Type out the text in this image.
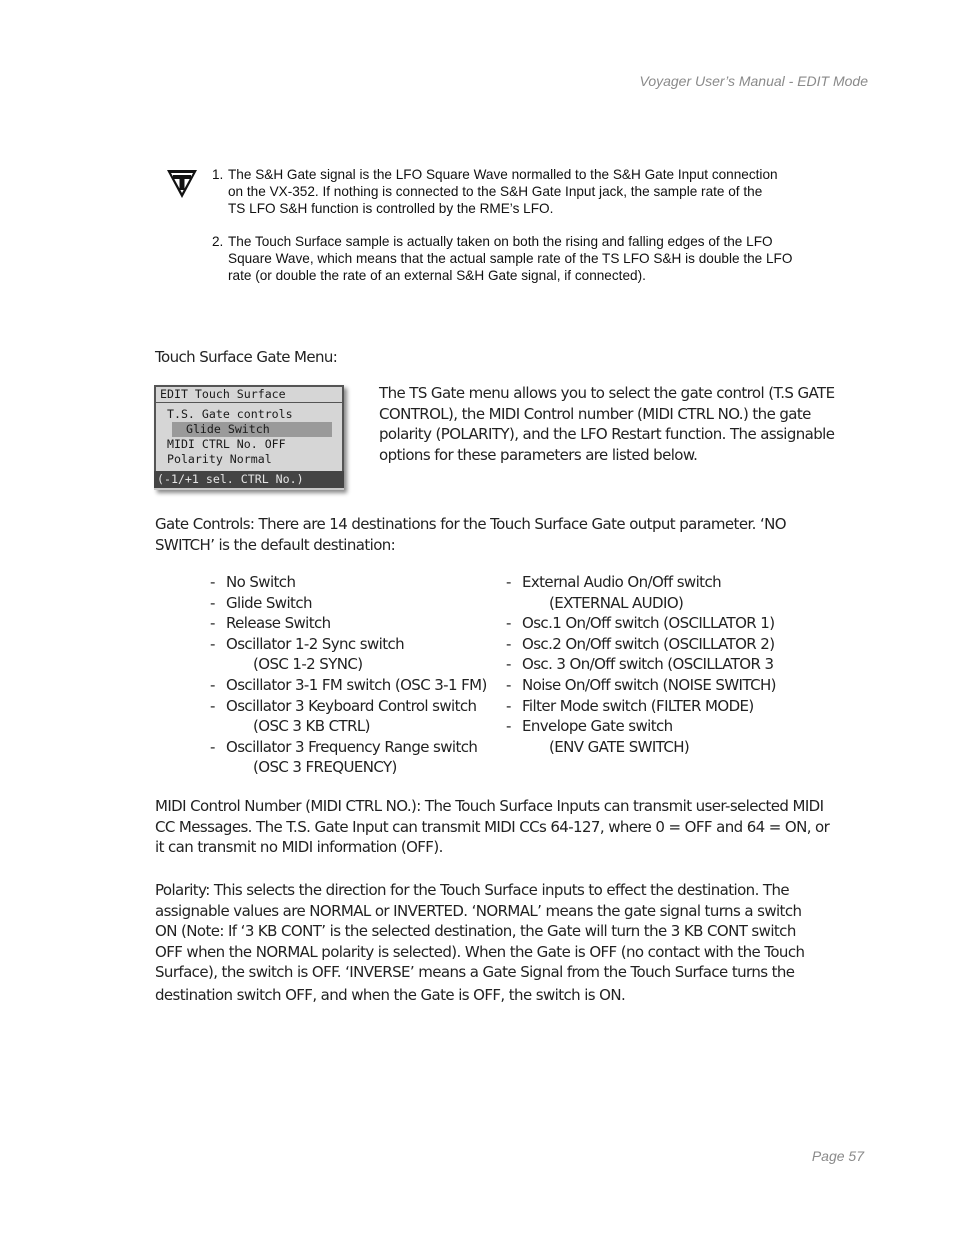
Voyager User’s Manual - EDIT Mode
1. The S&H Gate signal is the LFO Square Wave normalled to the S&H Gate Input connection
on the VX-352. If nothing is connected to the S&H Gate Input jack, the sample rate of the
TS LFO S&H function is controlled by the RME’s LFO.
2. The Touch Surface sample is actually taken on both the rising and falling edges of the LFO
Square Wave, which means that the actual sample rate of the TS LFO S&H is double the LFO
rate (or double the rate of an external S&H Gate signal, if connected).
Touch Surface Gate Menu:
EDIT Touch Surface
T.S. Gate controls
Glide Switch
MIDI CTRL No. OFF
Polarity Normal
(-1/+1 sel. CTRL No.)
The TS Gate menu allows you to select the gate control (T.S GATE
CONTROL), the MIDI Control number (MIDI CTRL NO.) the gate
polarity (POLARITY), and the LFO Restart function. The assignable
options for these parameters are listed below.
Gate Controls: There are 14 destinations for the Touch Surface Gate output parameter. ‘NO
SWITCH’ is the default destination:
- No Switch
- Glide Switch
- Release Switch
- Oscillator 1-2 Sync switch
(OSC 1-2 SYNC)
- Oscillator 3-1 FM switch (OSC 3-1 FM)
- Oscillator 3 Keyboard Control switch
(OSC 3 KB CTRL)
- Oscillator 3 Frequency Range switch
(OSC 3 FREQUENCY)
- External Audio On/Off switch
(EXTERNAL AUDIO)
- Osc.1 On/Off switch (OSCILLATOR 1)
- Osc.2 On/Off switch (OSCILLATOR 2)
- Osc. 3 On/Off switch (OSCILLATOR 3
- Noise On/Off switch (NOISE SWITCH)
- Filter Mode switch (FILTER MODE)
- Envelope Gate switch
(ENV GATE SWITCH)
MIDI Control Number (MIDI CTRL NO.): The Touch Surface Inputs can transmit user-selected MIDI
CC Messages. The T.S. Gate Input can transmit MIDI CCs 64-127, where 0 = OFF and 64 = ON, or
it can transmit no MIDI information (OFF).
Polarity: This selects the direction for the Touch Surface inputs to effect the destination. The
assignable values are NORMAL or INVERTED. ‘NORMAL’ means the gate signal turns a switch
ON (Note: If ‘3 KB CONT’ is the selected destination, the Gate will turn the 3 KB CONT switch
OFF when the NORMAL polarity is selected). When the Gate is OFF (no contact with the Touch
Surface), the switch is OFF. ‘INVERSE’ means a Gate Signal from the Touch Surface turns the
destination switch OFF, and when the Gate is OFF, the switch is ON.
Page 57
